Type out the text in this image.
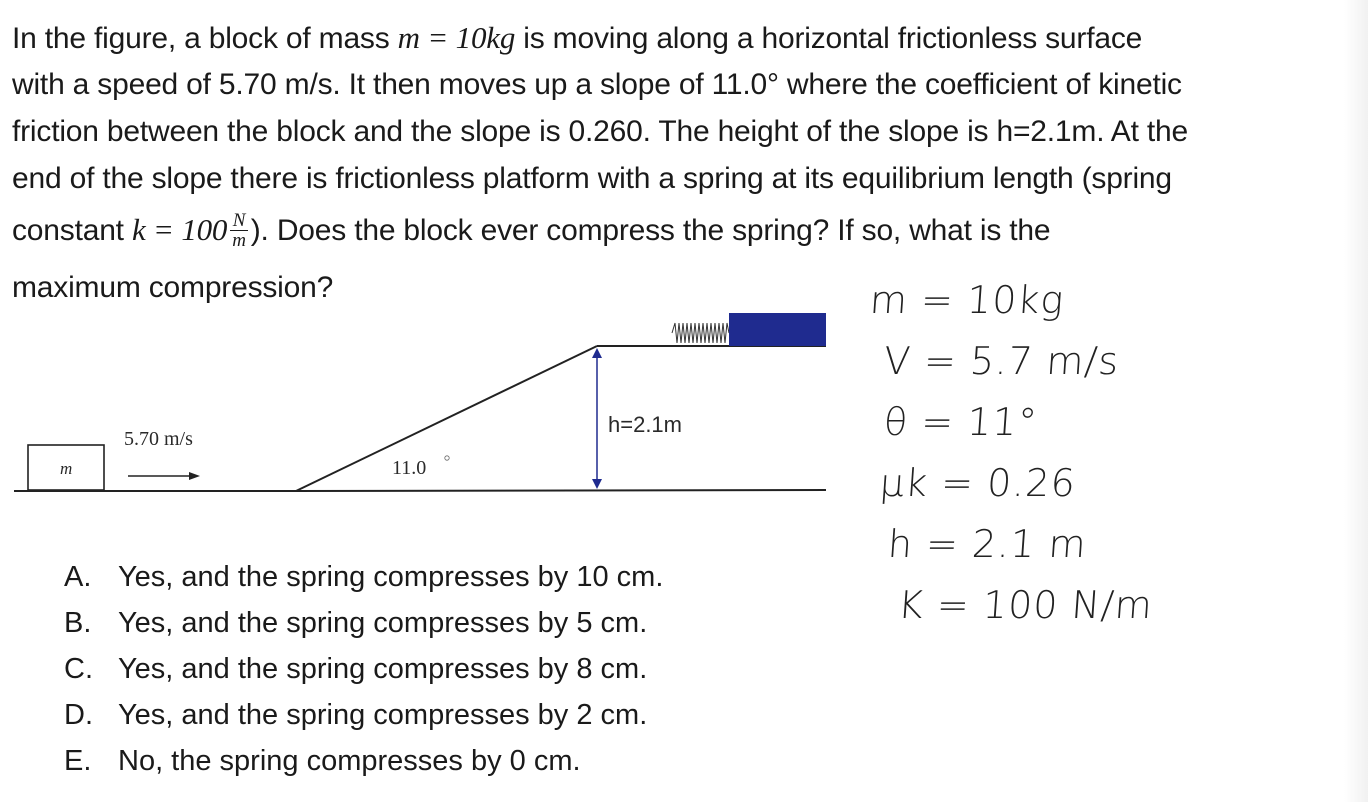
In the figure, a block of mass m = 10kg is moving along a horizontal frictionless surface
with a speed of 5.70 m/s. It then moves up a slope of 11.0° where the coefficient of kinetic
friction between the block and the slope is 0.260. The height of the slope is h=2.1m. At the
end of the slope there is frictionless platform with a spring at its equilibrium length (spring
constant $k = 100 \frac{N}{m}$ ). Does the block ever compress the spring? If so, what is the
maximum compression?
m
5.70 m/s
11.0
h=2.1m
A. Yes, and the spring compresses by 10 cm.
B. Yes, and the spring compresses by 5 cm.
C. Yes, and the spring compresses by 8 cm.
D. Yes, and the spring compresses by 2 cm.
E. No, the spring compresses by 0 cm.
m = 10kg
V = 5.7 m/s
θ = 11°
μk = 0.26
h = 2.1 m
K = 100 N/m
